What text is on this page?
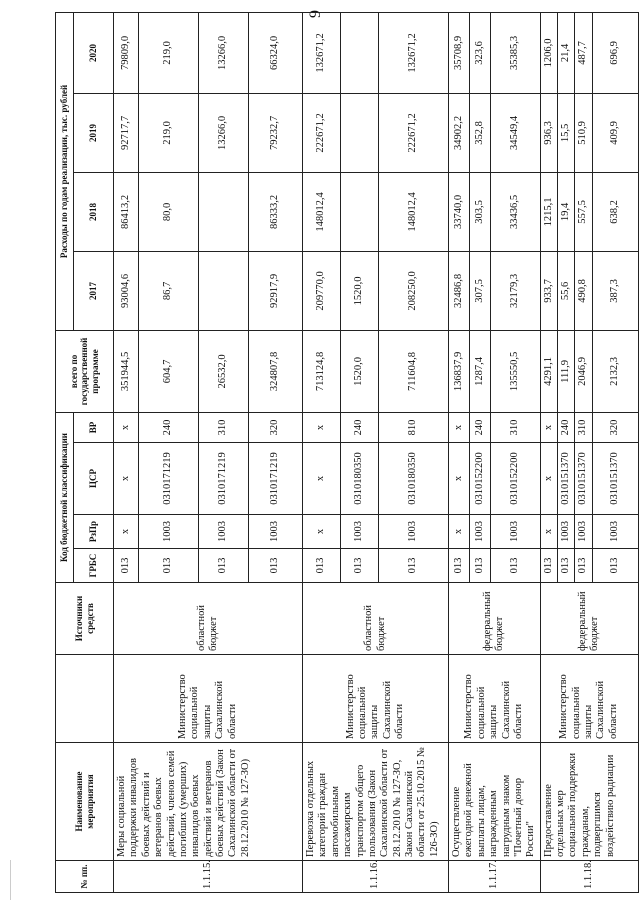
9
№ пп.	Наименование мероприятия		Источники средств	Код бюджетной классификации				всего по государственной программе	Расходы по годам реализации, тыс. рублей			
				ГРБС	РзПр	ЦСР	ВР		2017	2018	2019	2020
1.1.15.	Меры социальной поддержки инвалидов боевых действий и ветеранов боевых действий, членов семей погибших (умерших) инвалидов боевых действий и ветеранов боевых действий (Закон Сахалинской области от 28.12.2010 № 127-ЗО)	Министерство социальной защиты Сахалинской области	областной бюджет	013	х	х	х	351944,5	93004,6	86413,2	92717,7	79809,0
				013	1003	0310171219	240	604,7	86,7	80,0	219,0	219,0
				013	1003	0310171219	310	26532,0			13266,0	13266,0
				013	1003	0310171219	320	324807,8	92917,9	86333,2	79232,7	66324,0
1.1.16.	Перевозка отдельных категорий граждан автомобильным пассажирским транспортом общего пользования (Закон Сахалинской области от 28.12.2010 № 127-ЗО, Закон Сахалинской области от 25.10.2015 № 126-ЗО)	Министерство социальной защиты Сахалинской области	областной бюджет	013	х	х	х	713124,8	209770,0	148012,4	222671,2	132671,2
				013	1003	0310180350	240	1520,0	1520,0			
				013	1003	0310180350	810	711604,8	208250,0	148012,4	222671,2	132671,2
1.1.17.	Осуществление ежегодной денежной выплаты лицам, награжденным нагрудным знаком "Почетный донор России"	Министерство социальной защиты Сахалинской области	федеральный бюджет	013	х	х	х	136837,9	32486,8	33740,0	34902,2	35708,9
				013	1003	0310152200	240	1287,4	307,5	303,5	352,8	323,6
				013	1003	0310152200	310	135550,5	32179,3	33436,5	34549,4	35385,3
1.1.18.	Предоставление отдельных мер социальной поддержки гражданам, подвергшимся воздействию радиации	Министерство социальной защиты Сахалинской области	федеральный бюджет	013	х	х	х	4291,1	933,7	1215,1	936,3	1206,0
				013	1003	0310151370	240	111,9	55,6	19,4	15,5	21,4
				013	1003	0310151370	310	2046,9	490,8	557,5	510,9	487,7
				013	1003	0310151370	320	2132,3	387,3	638,2	409,9	696,9
